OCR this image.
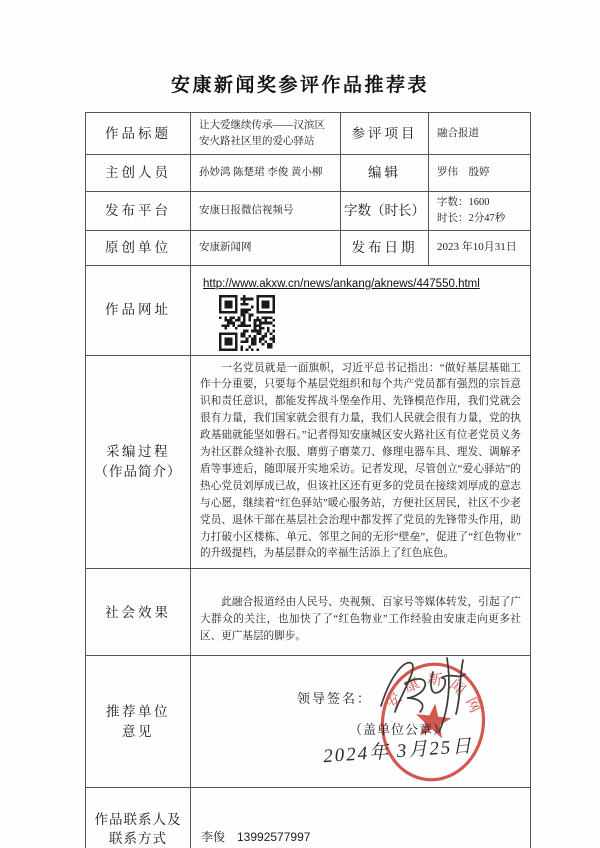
安康新闻奖参评作品推荐表
作品标题	让大爱继续传承——汉滨区安火路社区里的爱心驿站	参评项目	融合报道
主创人员	孙妙鸿 陈楚珺 李俊 黄小柳	编辑	罗伟　殷婷
发布平台	安康日报微信视频号	字数（时长）	字数：1600
时长：2分47秒

原创单位	安康新闻网	发布日期	2023 年10月31日
作品网址	http://www.akxw.cn/news/ankang/aknews/447550.html		

采编过程
（作品简介）	一名党员就是一面旗帜，习近平总书记指出：“做好基层基础工作十分重要，只要每个基层党组织和每个共产党员都有强烈的宗旨意识和责任意识，都能发挥战斗堡垒作用、先锋模范作用，我们党就会很有力量，我们国家就会很有力量，我们人民就会很有力量，党的执政基础就能坚如磐石。”记者得知安康城区安火路社区有位老党员义务为社区群众缝补衣服、磨剪子磨菜刀、修理电器车具、理发、调解矛盾等事迹后，随即展开实地采访。记者发现，尽管创立“爱心驿站”的热心党员刘厚成已故，但该社区还有更多的党员在接续刘厚成的意志与心愿，继续着“红色驿站”暖心服务站，方便社区居民，社区不少老党员、退休干部在基层社会治理中都发挥了党员的先锋带头作用，助力打破小区楼栋、单元、邻里之间的无形“壁垒”，促进了“红色物业”的升级提档，为基层群众的幸福生活添上了红色底色。		

社会效果	此融合报道经由人民号、央视频、百家号等媒体转发，引起了广大群众的关注，也加快了了“红色物业”工作经验由安康走向更多社区、更广基层的脚步。		

推荐单位
意见	领导签名：
（盖单位公章）
2024年 3月25日
安康新闻网		

作品联系人及
联系方式	李俊　13992577997		
